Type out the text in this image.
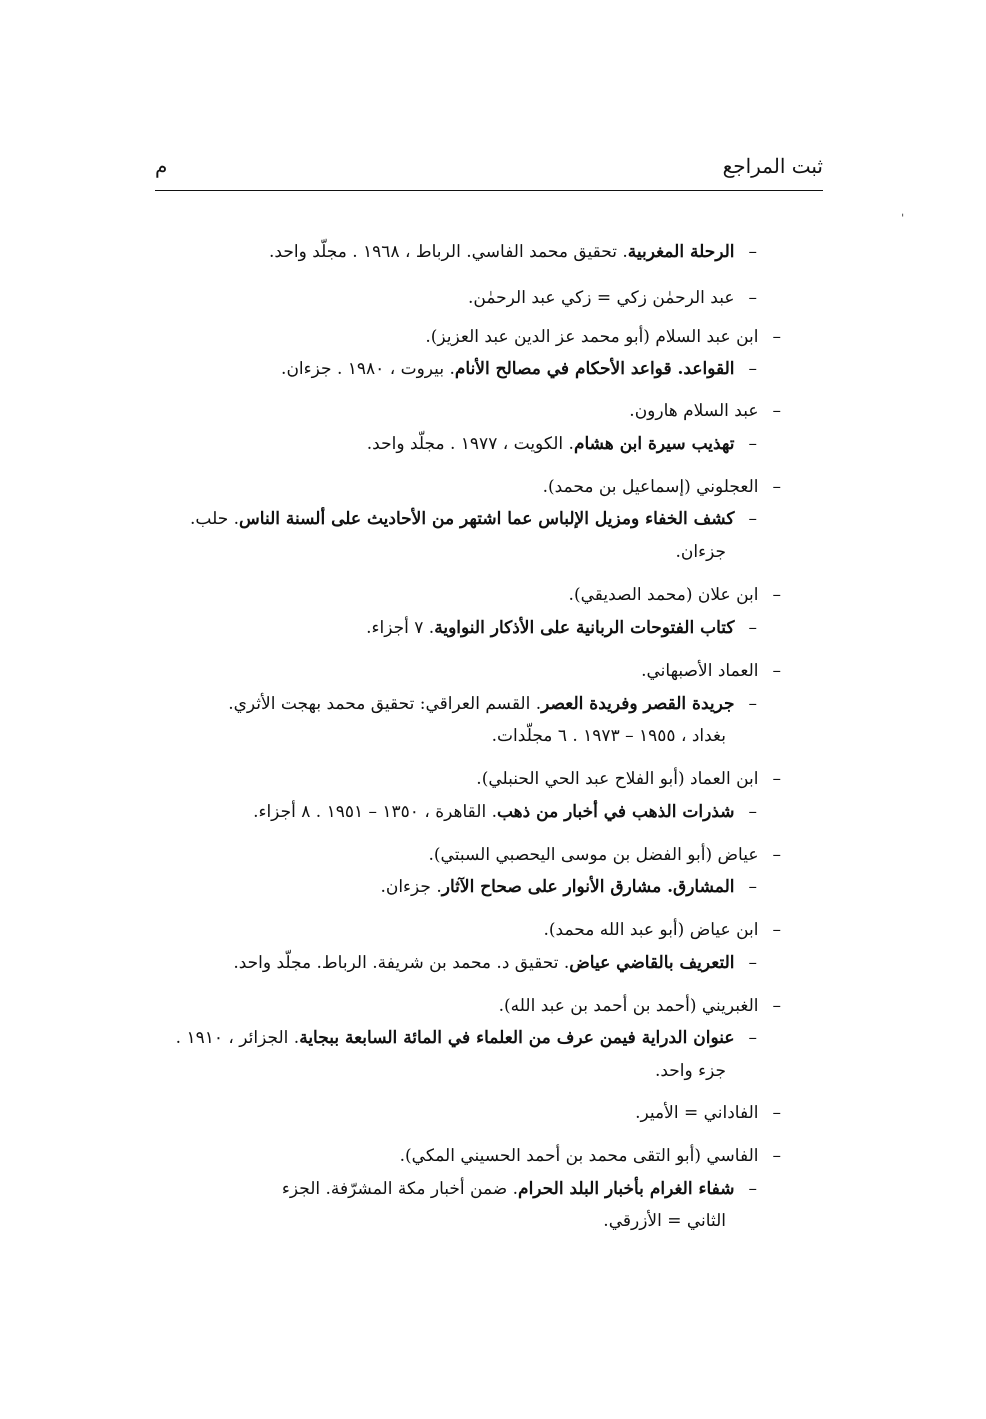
ثبت المراجع
م
ˈ
–الرحلة المغربية. تحقيق محمد الفاسي. الرباط ، ١٩٦٨ . مجلّد واحد.
–عبد الرحمٰن زكي = زكي عبد الرحمٰن.
–ابن عبد السلام (أبو محمد عز الدين عبد العزيز).
–القواعد. قواعد الأحكام في مصالح الأنام. بيروت ، ١٩٨٠ . جزءان.
–عبد السلام هارون.
–تهذيب سيرة ابن هشام. الكويت ، ١٩٧٧ . مجلّد واحد.
–العجلوني (إسماعيل بن محمد).
–كشف الخفاء ومزيل الإلباس عما اشتهر من الأحاديث على ألسنة الناس. حلب.
جزءان.
–ابن علان (محمد الصديقي).
–كتاب الفتوحات الربانية على الأذكار النواوية. ٧ أجزاء.
–العماد الأصبهاني.
–جريدة القصر وفريدة العصر. القسم العراقي: تحقيق محمد بهجت الأثري.
بغداد ، ١٩٥٥ – ١٩٧٣ . ٦ مجلّدات.
–ابن العماد (أبو الفلاح عبد الحي الحنبلي).
–شذرات الذهب في أخبار من ذهب. القاهرة ، ١٣٥٠ – ١٩٥١ . ٨ أجزاء.
–عياض (أبو الفضل بن موسى اليحصبي السبتي).
–المشارق. مشارق الأنوار على صحاح الآثار. جزءان.
–ابن عياض (أبو عبد الله محمد).
–التعريف بالقاضي عياض. تحقيق د. محمد بن شريفة. الرباط. مجلّد واحد.
–الغبريني (أحمد بن أحمد بن عبد الله).
–عنوان الدراية فيمن عرف من العلماء في المائة السابعة ببجاية. الجزائر ، ١٩١٠ .
جزء واحد.
–الفاداني = الأمير.
–الفاسي (أبو التقى محمد بن أحمد الحسيني المكي).
–شفاء الغرام بأخبار البلد الحرام. ضمن أخبار مكة المشرّفة. الجزء
الثاني = الأزرقي.
